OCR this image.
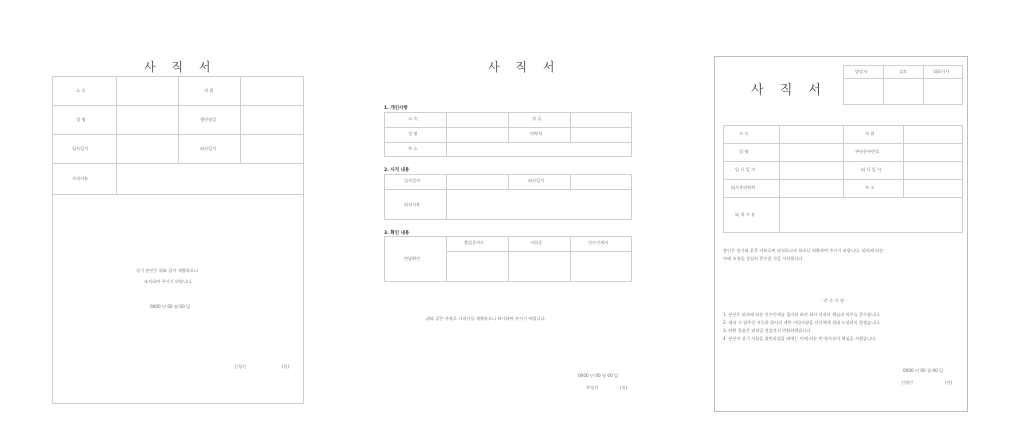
사 직 서
소 속	직 위
성 명	생년월일
입사일자	퇴사일자
사직사유
상기 본인은 위와 같이 제출하오니
조치하여 주시기 바랍니다.
0000 년 00 월 00 일
신청인	(인)
사 직 서
1. 개인사항
소 속	직 급
성 명	연락처
주 소
2. 사직 내용
입사일자	퇴사일자
퇴직사유
3. 확인 내용
출입증카드	지원증	인수인계서
반납확인
위와 같은 사유로 사직서를 제출하오니 허가하여 주시기 바랍니다.
0000 년 00 월 00 일
작성자	(인)
사 직 서
담당자	검토	대표이사
소 속	직 위
성 명	주민등록번호
입 사 일 자	퇴 사 일 자
퇴사후연락처	주 소
퇴 직 사 유
본인은 상기와 같은 사유로써 퇴직하고자 하오니 허락하여 주시기 바랍니다. 퇴직에 따른
아래 조항을 성실히 준수할 것을 서약합니다.
- 준 수 사 항 -
1. 본인은 퇴직에 따른 인수인계를 철저히 하며 회사 사직의 책임과 의무를 준수합니다.
2. 재직 시 업무상 지득한 회사의 제반 비밀사항을 타인에게 절대 누설하지 않겠습니다.
3. 반환 물품은 퇴직일 전일까지 반환하겠습니다.
4. 본인이 상기 사항을 위반하였을 때에는 이에 따른 민·형사상의 책임을 지겠습니다.
0000 년 00 월 00 일
신청인	(인)
